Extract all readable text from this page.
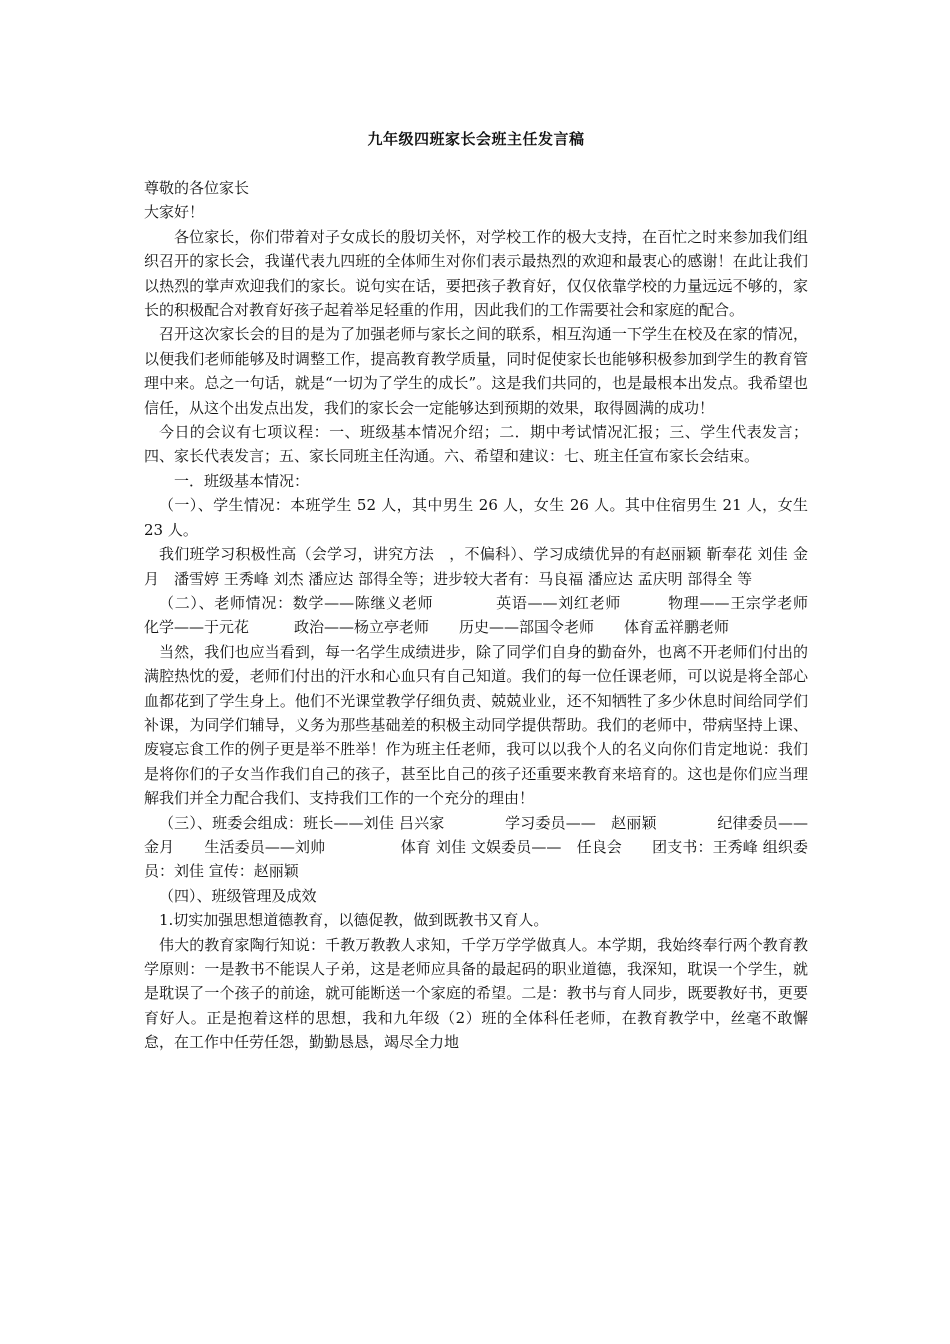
九年级四班家长会班主任发言稿

尊敬的各位家长

大家好！

各位家长，你们带着对子女成长的殷切关怀，对学校工作的极大支持，在百忙之时来参加我们组织召开的家长会，我谨代表九四班的全体师生对你们表示最热烈的欢迎和最衷心的感谢！在此让我们以热烈的掌声欢迎我们的家长。说句实在话，要把孩子教育好，仅仅依靠学校的力量远远不够的，家长的积极配合对教育好孩子起着举足轻重的作用，因此我们的工作需要社会和家庭的配合。

召开这次家长会的目的是为了加强老师与家长之间的联系，相互沟通一下学生在校及在家的情况，以便我们老师能够及时调整工作，提高教育教学质量，同时促使家长也能够积极参加到学生的教育管理中来。总之一句话，就是“一切为了学生的成长”。这是我们共同的，也是最根本出发点。我希望也信任，从这个出发点出发，我们的家长会一定能够达到预期的效果，取得圆满的成功！

今日的会议有七项议程：一、班级基本情况介绍；二．期中考试情况汇报；三、学生代表发言；四、家长代表发言；五、家长同班主任沟通。六、希望和建议：七、班主任宣布家长会结束。

一．班级基本情况：

（一）、学生情况：本班学生 52 人，其中男生 26 人，女生 26 人。其中住宿男生 21 人，女生 23 人。

我们班学习积极性高（会学习，讲究方法　，不偏科）、学习成绩优异的有赵丽颖 靳奉花 刘佳 金月　潘雪婷 王秀峰 刘杰 潘应达 部得全等；进步较大者有：马良福 潘应达 孟庆明 部得全 等

（二）、老师情况：数学——陈继义老师　　　　英语——刘红老师　　　物理——王宗学老师　　化学——于元花　　　政治——杨立亭老师　　历史——部国令老师　　体育孟祥鹏老师

当然，我们也应当看到，每一名学生成绩进步，除了同学们自身的勤奋外，也离不开老师们付出的满腔热忱的爱，老师们付出的汗水和心血只有自己知道。我们的每一位任课老师，可以说是将全部心血都花到了学生身上。他们不光课堂教学仔细负责、兢兢业业，还不知牺牲了多少休息时间给同学们补课，为同学们辅导，义务为那些基础差的积极主动同学提供帮助。我们的老师中，带病坚持上课、废寝忘食工作的例子更是举不胜举！作为班主任老师，我可以以我个人的名义向你们肯定地说：我们是将你们的子女当作我们自己的孩子，甚至比自己的孩子还重要来教育来培育的。这也是你们应当理解我们并全力配合我们、支持我们工作的一个充分的理由！

（三）、班委会组成：班长——刘佳 吕兴家　　　　学习委员——　赵丽颖　　　　纪律委员——　金月　　生活委员——刘帅　　　　　体育 刘佳 文娱委员——　任良会　　团支书：王秀峰 组织委员：刘佳 宣传：赵丽颖

（四）、班级管理及成效

1.切实加强思想道德教育，以德促教，做到既教书又育人。

伟大的教育家陶行知说：千教万教教人求知，千学万学学做真人。本学期，我始终奉行两个教育教学原则：一是教书不能误人子弟，这是老师应具备的最起码的职业道德，我深知，耽误一个学生，就是耽误了一个孩子的前途，就可能断送一个家庭的希望。二是：教书与育人同步，既要教好书，更要育好人。正是抱着这样的思想，我和九年级（2）班的全体科任老师，在教育教学中，丝毫不敢懈怠，在工作中任劳任怨，勤勤恳恳，竭尽全力地
